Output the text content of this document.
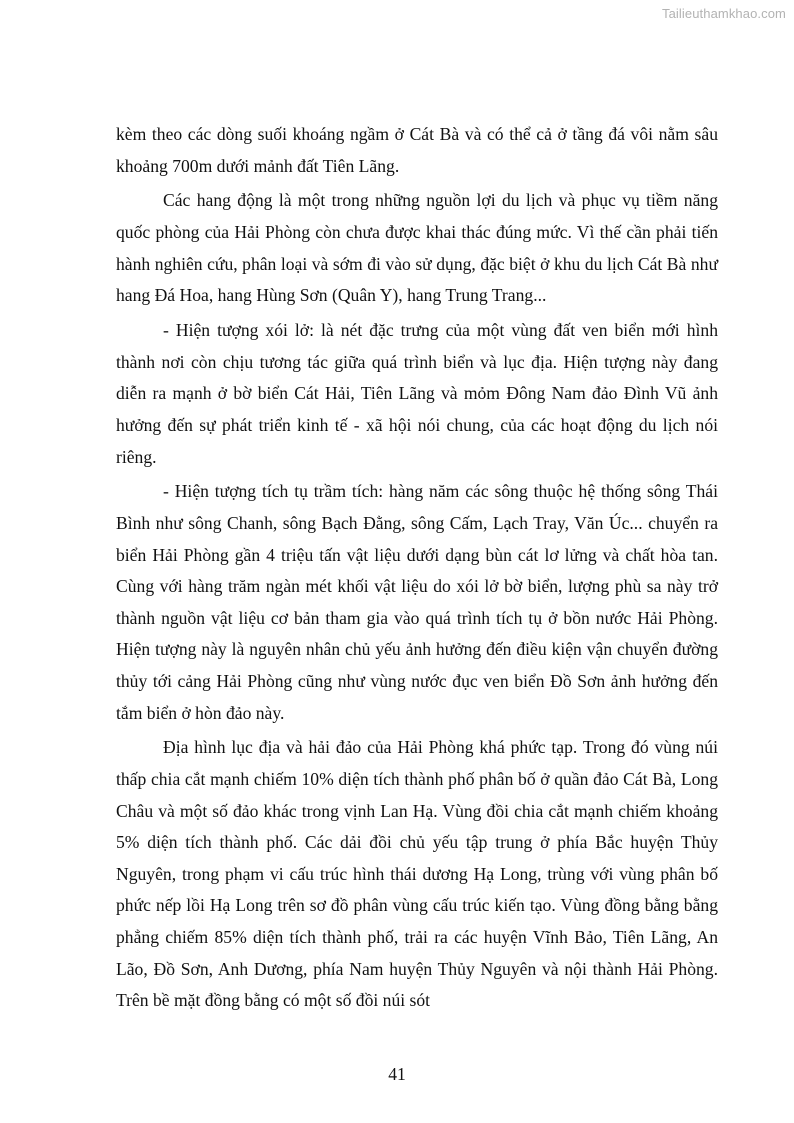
Tailieuthamkhao.com

kèm theo các dòng suối khoáng ngầm ở Cát Bà và có thể cả ở tầng đá vôi nằm sâu khoảng 700m dưới mảnh đất Tiên Lãng.

Các hang động là một trong những nguồn lợi du lịch và phục vụ tiềm năng quốc phòng của Hải Phòng còn chưa được khai thác đúng mức. Vì thế cần phải tiến hành nghiên cứu, phân loại và sớm đi vào sử dụng, đặc biệt ở khu du lịch Cát Bà như hang Đá Hoa, hang Hùng Sơn (Quân Y), hang Trung Trang...

- Hiện tượng xói lở: là nét đặc trưng của một vùng đất ven biển mới hình thành nơi còn chịu tương tác giữa quá trình biển và lục địa. Hiện tượng này đang diễn ra mạnh ở bờ biển Cát Hải, Tiên Lãng và mỏm Đông Nam đảo Đình Vũ ảnh hưởng đến sự phát triển kinh tế - xã hội nói chung, của các hoạt động du lịch nói riêng.

- Hiện tượng tích tụ trầm tích: hàng năm các sông thuộc hệ thống sông Thái Bình như sông Chanh, sông Bạch Đằng, sông Cấm, Lạch Tray, Văn Úc... chuyển ra biển Hải Phòng gần 4 triệu tấn vật liệu dưới dạng bùn cát lơ lửng và chất hòa tan. Cùng với hàng trăm ngàn mét khối vật liệu do xói lở bờ biển, lượng phù sa này trở thành nguồn vật liệu cơ bản tham gia vào quá trình tích tụ ở bồn nước Hải Phòng. Hiện tượng này là nguyên nhân chủ yếu ảnh hưởng đến điều kiện vận chuyển đường thủy tới cảng Hải Phòng cũng như vùng nước đục ven biển Đồ Sơn ảnh hưởng đến tắm biển ở hòn đảo này.

Địa hình lục địa và hải đảo của Hải Phòng khá phức tạp. Trong đó vùng núi thấp chia cắt mạnh chiếm 10% diện tích thành phố phân bố ở quần đảo Cát Bà, Long Châu và một số đảo khác trong vịnh Lan Hạ. Vùng đồi chia cắt mạnh chiếm khoảng 5% diện tích thành phố. Các dải đồi chủ yếu tập trung ở phía Bắc huyện Thủy Nguyên, trong phạm vi cấu trúc hình thái dương Hạ Long, trùng với vùng phân bố phức nếp lồi Hạ Long trên sơ đồ phân vùng cấu trúc kiến tạo. Vùng đồng bằng bằng phẳng chiếm 85% diện tích thành phố, trải ra các huyện Vĩnh Bảo, Tiên Lãng, An Lão, Đồ Sơn, Anh Dương, phía Nam huyện Thủy Nguyên và nội thành Hải Phòng. Trên bề mặt đồng bằng có một số đồi núi sót

41
